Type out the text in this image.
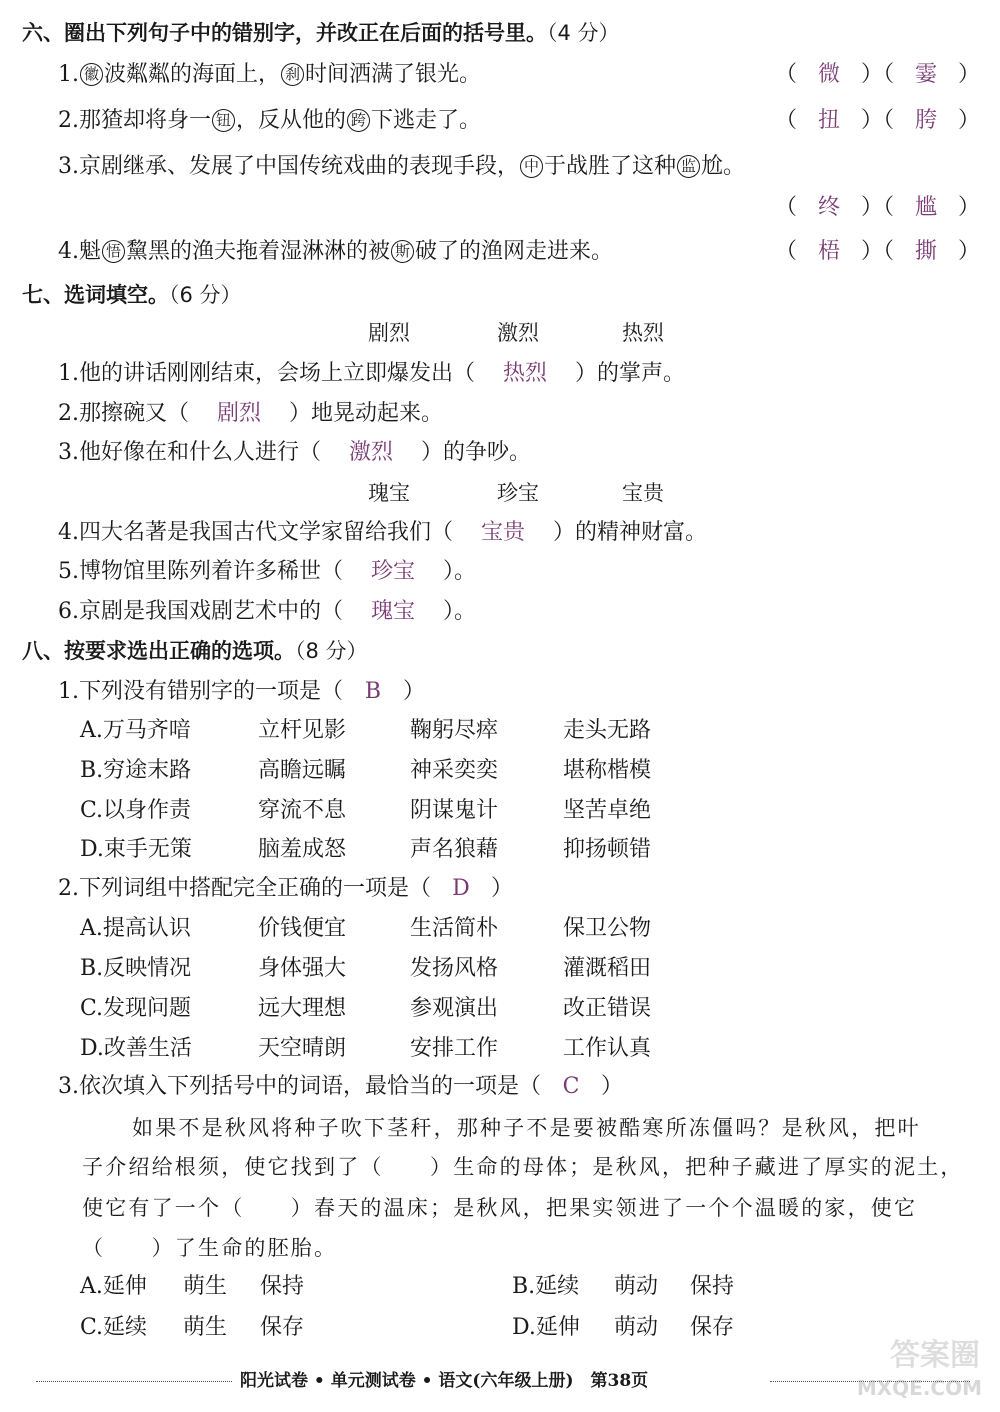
六、圈出下列句子中的错别字，并改正在后面的括号里。（4 分）
1. 徽 波粼粼的海面上， 刹 时间洒满了银光。	（ 微 ）（ 霎 ）
2.那猹却将身一 钮 ，反从他的 跨 下逃走了。	（ 扭 ）（ 胯 ）
3.京剧继承、发展了中国传统戏曲的表现手段， 中 于战胜了这种 监 尬。
（ 终 ）（ 尴 ）
4.魁 悟 黧黑的渔夫拖着湿淋淋的被 斯 破了的渔网走进来。	（ 梧 ）（ 撕 ）
七、选词填空。（6 分）
剧烈	激烈	热烈
1.他的讲话刚刚结束，会场上立即爆发出（ 热烈 ）的掌声。
2.那擦碗又（ 剧烈 ）地晃动起来。
3.他好像在和什么人进行（ 激烈 ）的争吵。
瑰宝	珍宝	宝贵
4.四大名著是我国古代文学家留给我们（ 宝贵 ）的精神财富。
5.博物馆里陈列着许多稀世（ 珍宝 ）。
6.京剧是我国戏剧艺术中的（ 瑰宝 ）。
八、按要求选出正确的选项。（8 分）
1.下列没有错别字的一项是（ B ）
A.万马齐喑	立杆见影	鞠躬尽瘁	走头无路
B.穷途末路	高瞻远瞩	神采奕奕	堪称楷模
C.以身作责	穿流不息	阴谋鬼计	坚苦卓绝
D.束手无策	脑羞成怒	声名狼藉	抑扬顿错
2.下列词组中搭配完全正确的一项是（ D ）
A.提高认识	价钱便宜	生活简朴	保卫公物
B.反映情况	身体强大	发扬风格	灌溉稻田
C.发现问题	远大理想	参观演出	改正错误
D.改善生活	天空晴朗	安排工作	工作认真
3.依次填入下列括号中的词语，最恰当的一项是（ C ）
如果不是秋风将种子吹下茎秆，那种子不是要被酷寒所冻僵吗？是秋风，把叶
子介绍给根须，使它找到了（　　）生命的母体；是秋风，把种子藏进了厚实的泥土，
使它有了一个（　　）春天的温床；是秋风，把果实领进了一个个温暖的家，使它
（　　）了生命的胚胎。
A.延伸 萌生 保持	B.延续 萌动 保持
C.延续 萌生 保存	D.延伸 萌动 保存
阳光试卷 • 单元测试卷 • 语文(六年级上册)　第38页
答案圈
MXQE.COM
